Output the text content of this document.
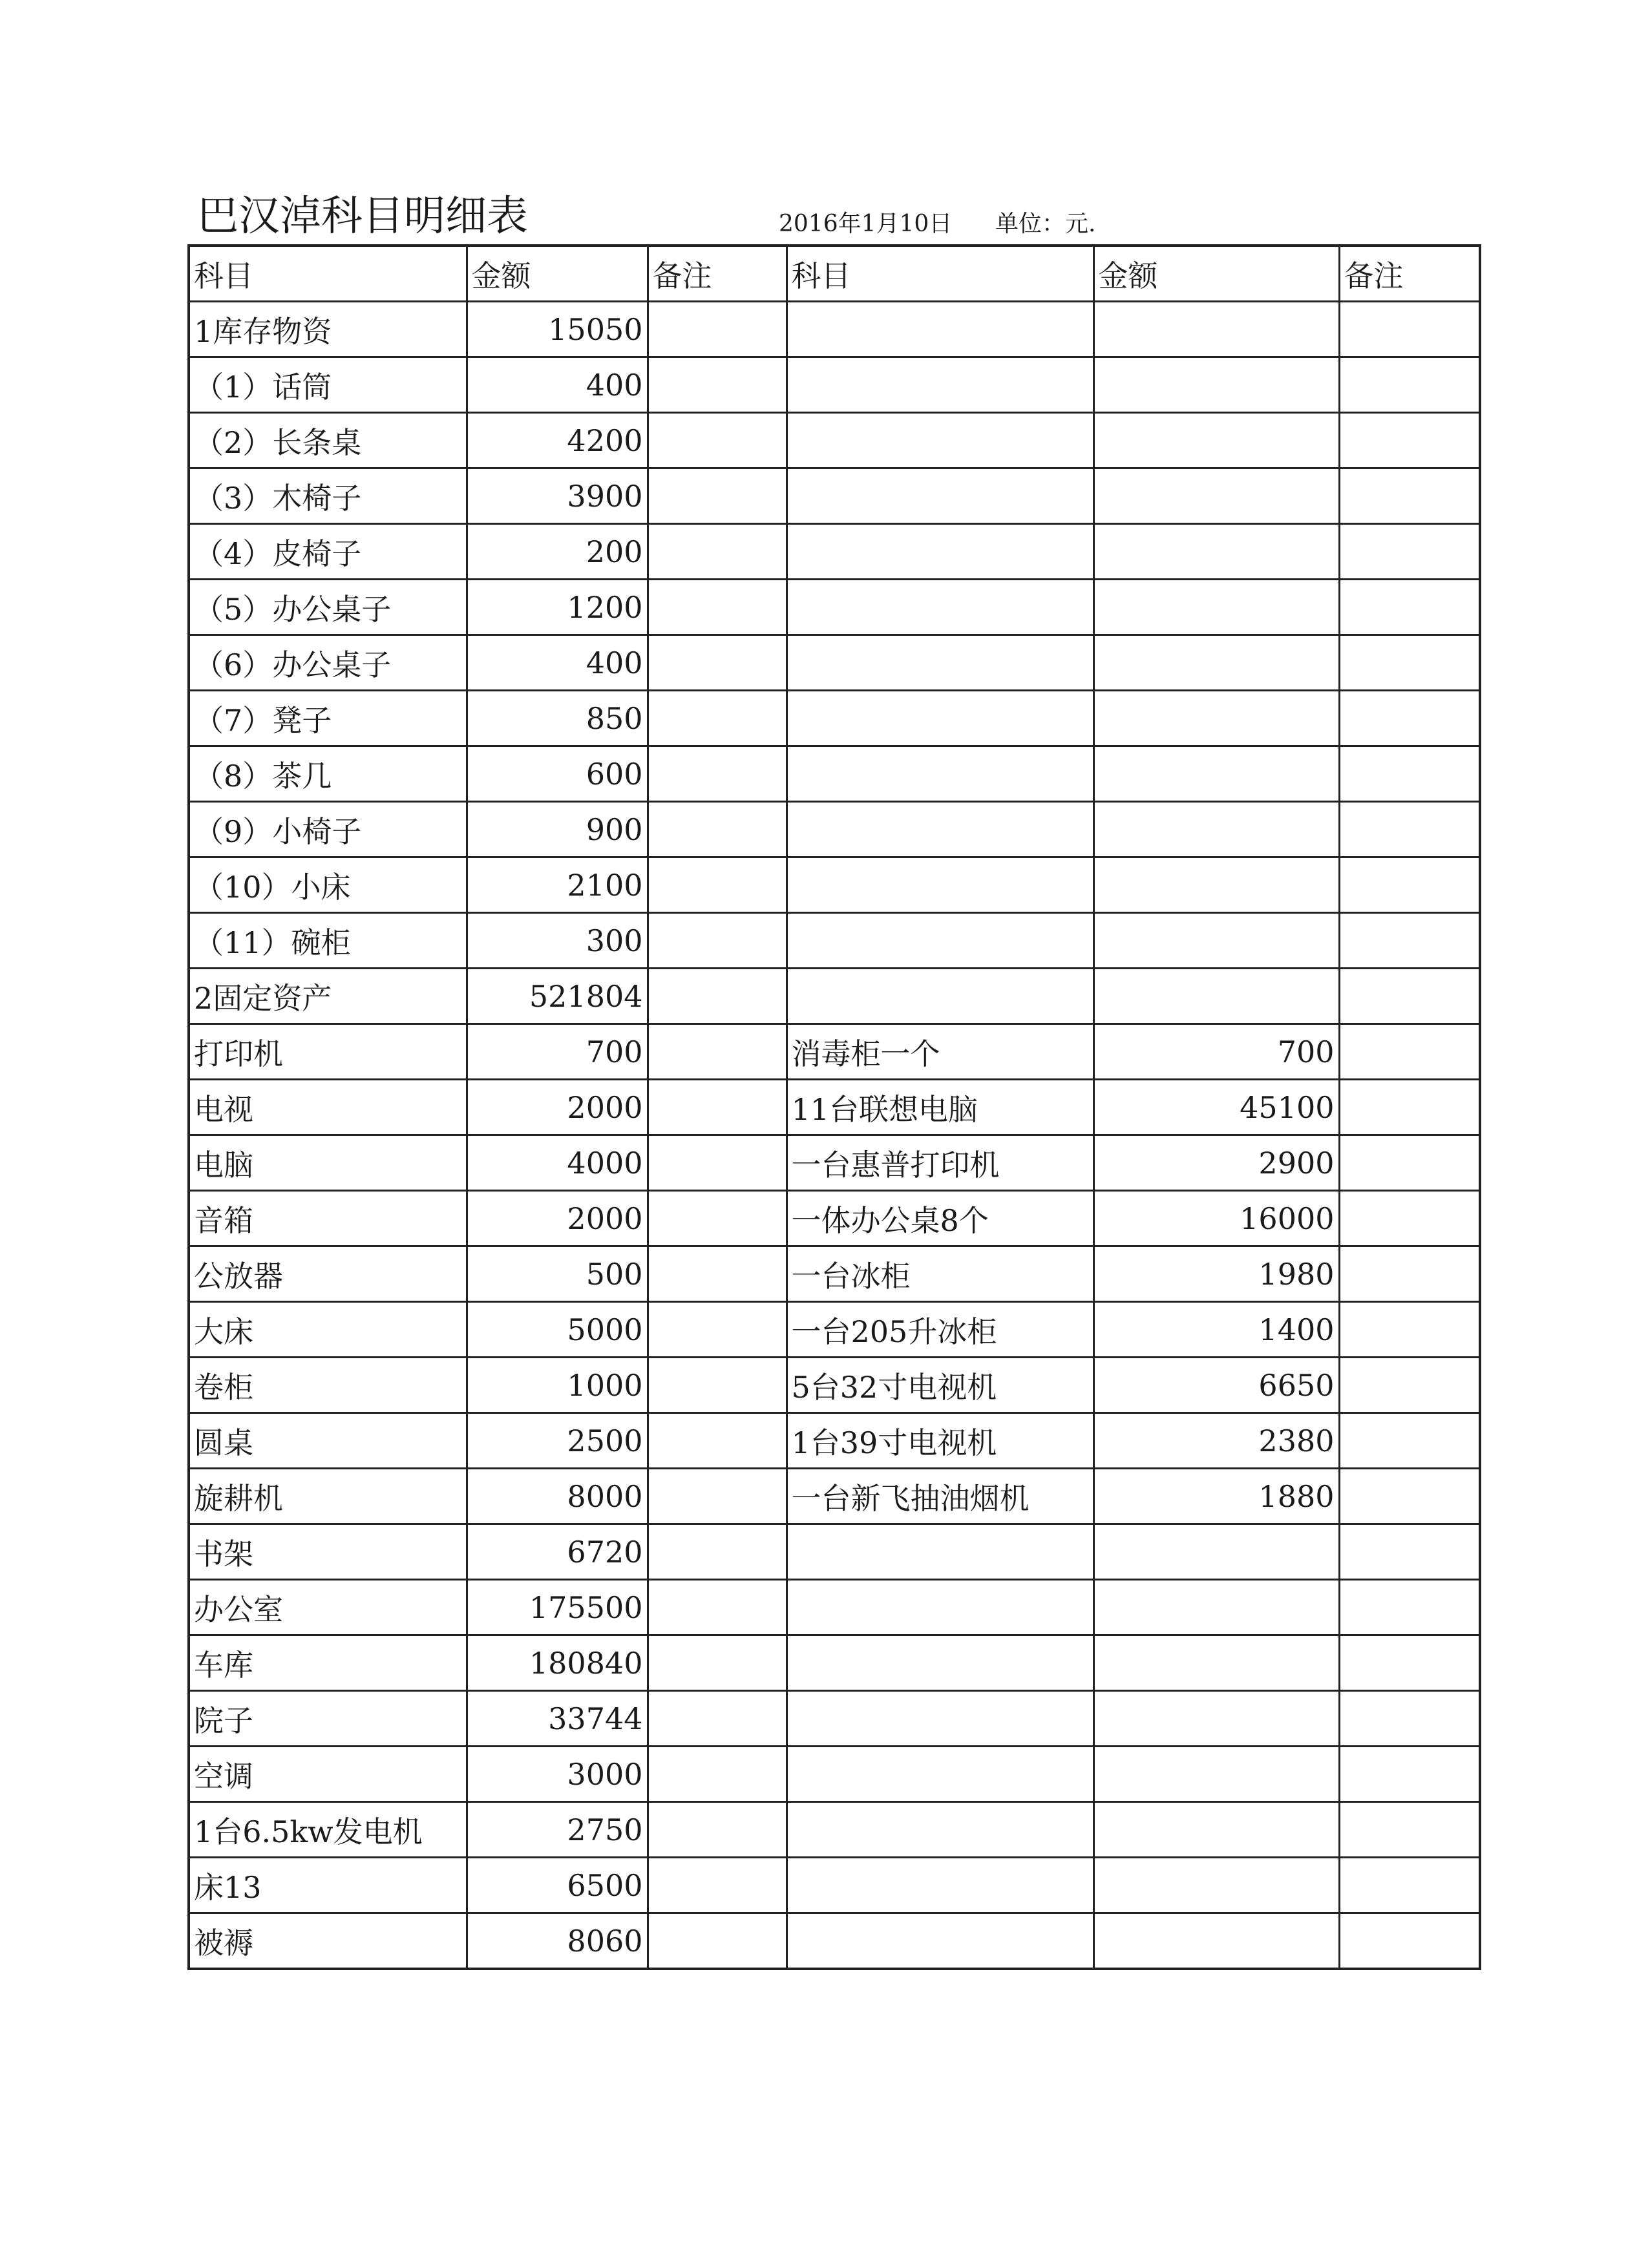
巴汉淖科目明细表	2016年1月10日 单位：元.
科目	金额	备注	科目	金额	备注
1库存物资	15050				
（1）话筒	400				
（2）长条桌	4200				
（3）木椅子	3900				
（4）皮椅子	200				
（5）办公桌子	1200				
（6）办公桌子	400				
（7）凳子	850				
（8）茶几	600				
（9）小椅子	900				
（10）小床	2100				
（11）碗柜	300				
2固定资产	521804				
打印机	700		消毒柜一个	700	
电视	2000		11台联想电脑	45100	
电脑	4000		一台惠普打印机	2900	
音箱	2000		一体办公桌8个	16000	
公放器	500		一台冰柜	1980	
大床	5000		一台205升冰柜	1400	
卷柜	1000		5台32寸电视机	6650	
圆桌	2500		1台39寸电视机	2380	
旋耕机	8000		一台新飞抽油烟机	1880	
书架	6720				
办公室	175500				
车库	180840				
院子	33744				
空调	3000				
1台6.5kw发电机	2750				
床13	6500				
被褥	8060				
